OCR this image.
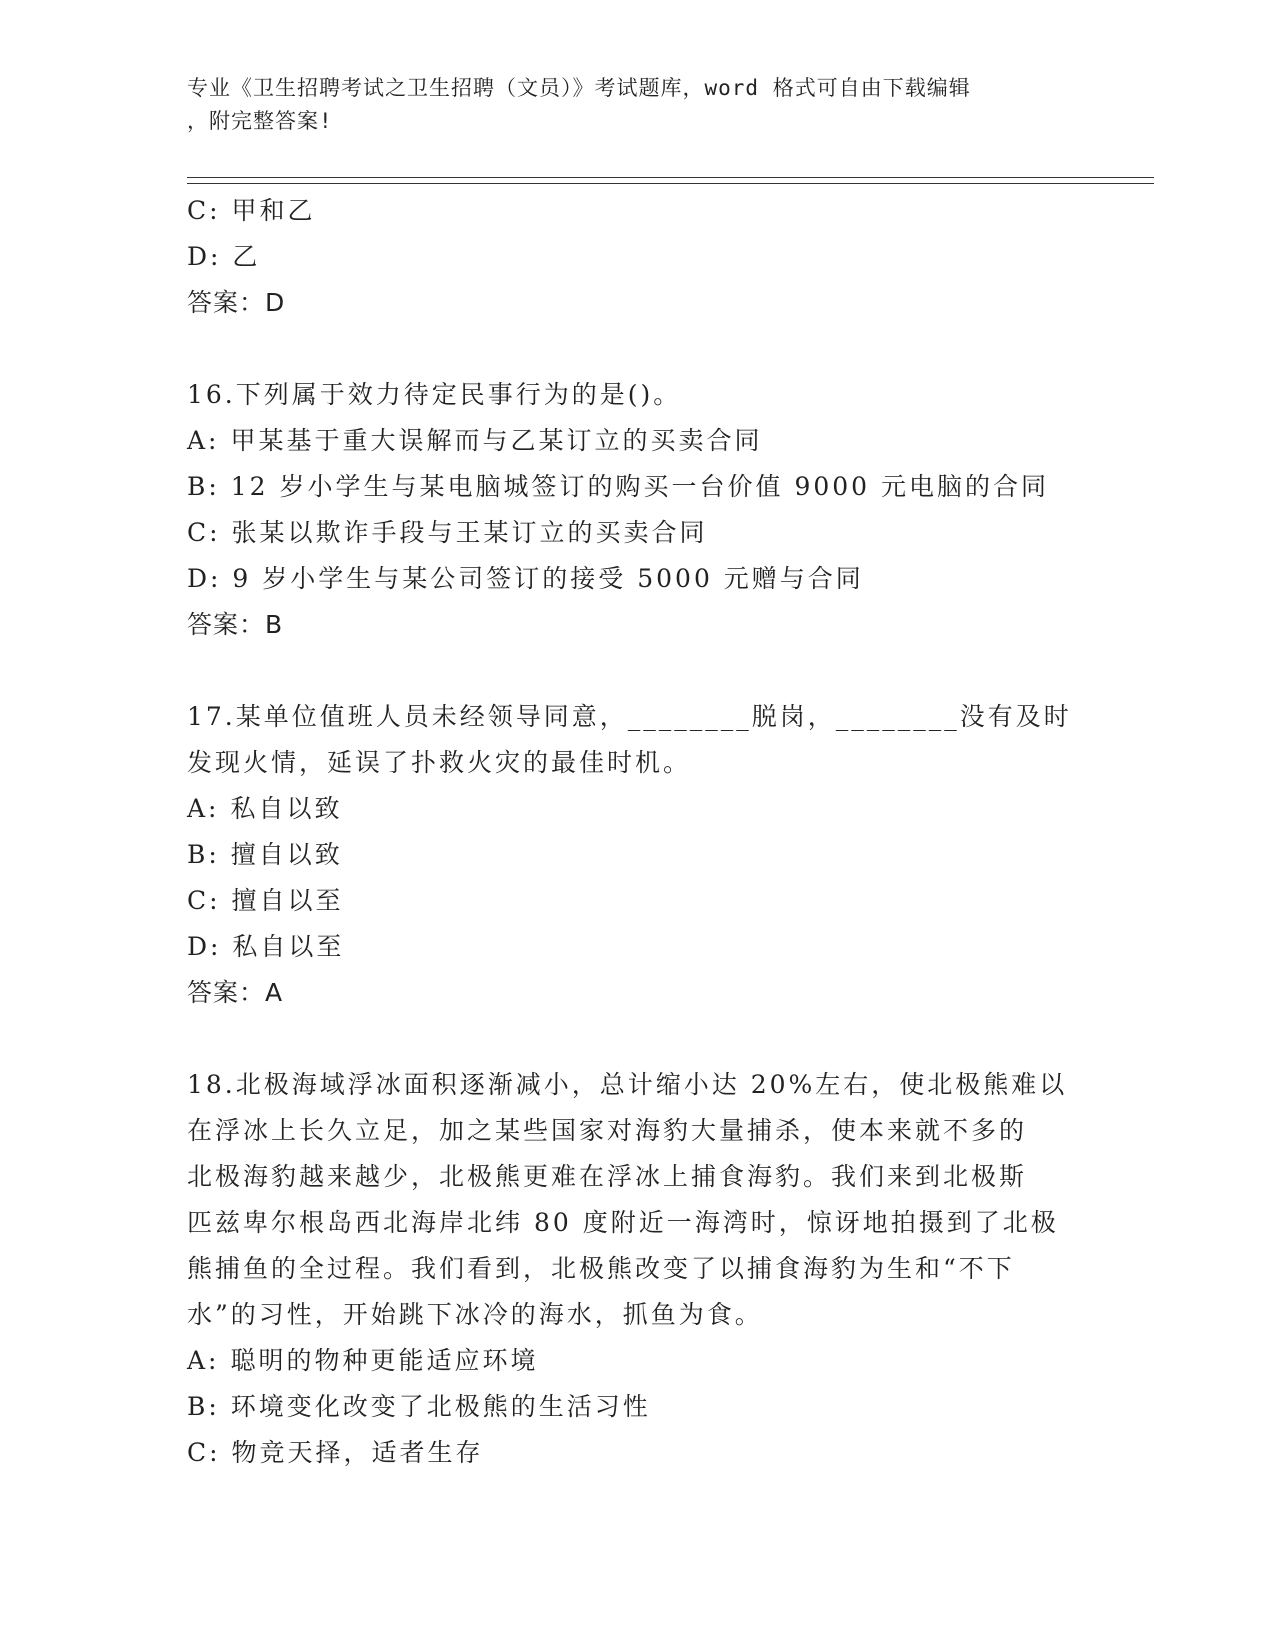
专业《卫生招聘考试之卫生招聘（文员）》考试题库，word 格式可自由下载编辑
，附完整答案!
C: 甲和乙
D: 乙
答案：D
16.下列属于效力待定民事行为的是()。
A: 甲某基于重大误解而与乙某订立的买卖合同
B: 12 岁小学生与某电脑城签订的购买一台价值 9000 元电脑的合同
C: 张某以欺诈手段与王某订立的买卖合同
D: 9 岁小学生与某公司签订的接受 5000 元赠与合同
答案：B
17.某单位值班人员未经领导同意，________脱岗，________没有及时
发现火情，延误了扑救火灾的最佳时机。
A: 私自以致
B: 擅自以致
C: 擅自以至
D: 私自以至
答案：A
18.北极海域浮冰面积逐渐减小，总计缩小达 20%左右，使北极熊难以
在浮冰上长久立足，加之某些国家对海豹大量捕杀，使本来就不多的
北极海豹越来越少，北极熊更难在浮冰上捕食海豹。我们来到北极斯
匹兹卑尔根岛西北海岸北纬 80 度附近一海湾时，惊讶地拍摄到了北极
熊捕鱼的全过程。我们看到，北极熊改变了以捕食海豹为生和“不下
水”的习性，开始跳下冰冷的海水，抓鱼为食。
A: 聪明的物种更能适应环境
B: 环境变化改变了北极熊的生活习性
C: 物竞天择，适者生存
